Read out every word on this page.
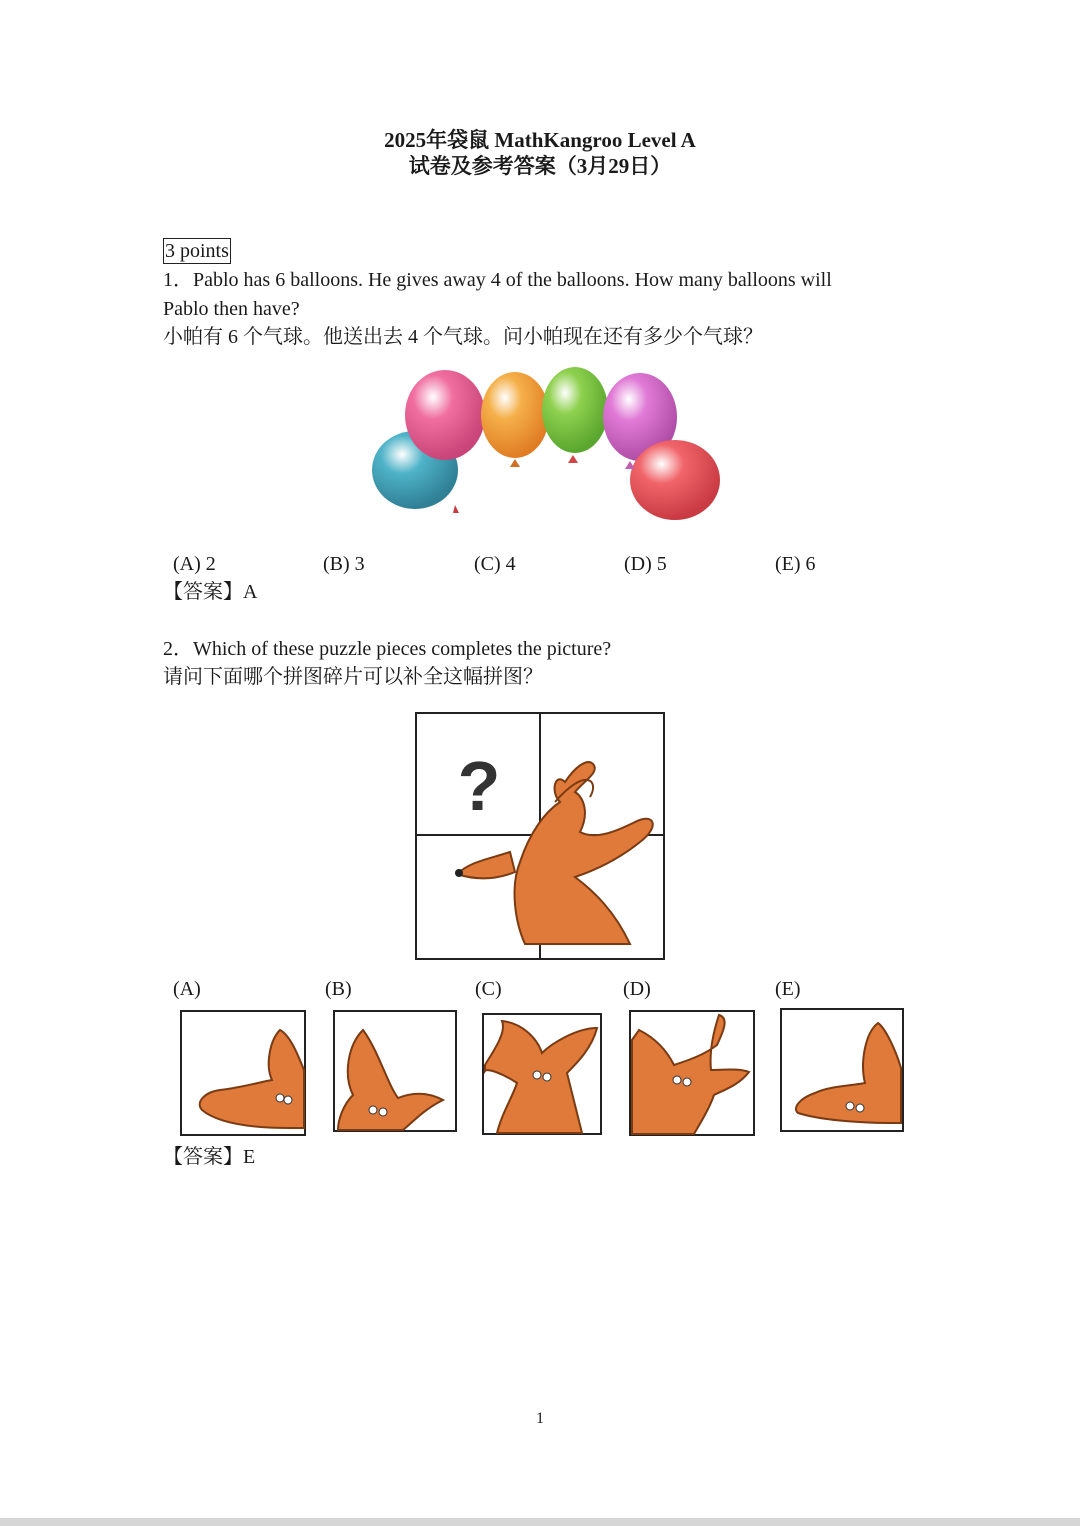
2025年袋鼠 MathKangroo Level A
试卷及参考答案（3月29日）
3 points
1．Pablo has 6 balloons. He gives away 4 of the balloons. How many balloons will
Pablo then have?
小帕有 6 个气球。他送出去 4 个气球。问小帕现在还有多少个气球？
(A) 2	(B) 3	(C) 4	(D) 5	(E) 6
【答案】A
2．Which of these puzzle pieces completes the picture?
请问下面哪个拼图碎片可以补全这幅拼图？
?
(A)	(B)	(C)	(D)	(E)
【答案】E
1
